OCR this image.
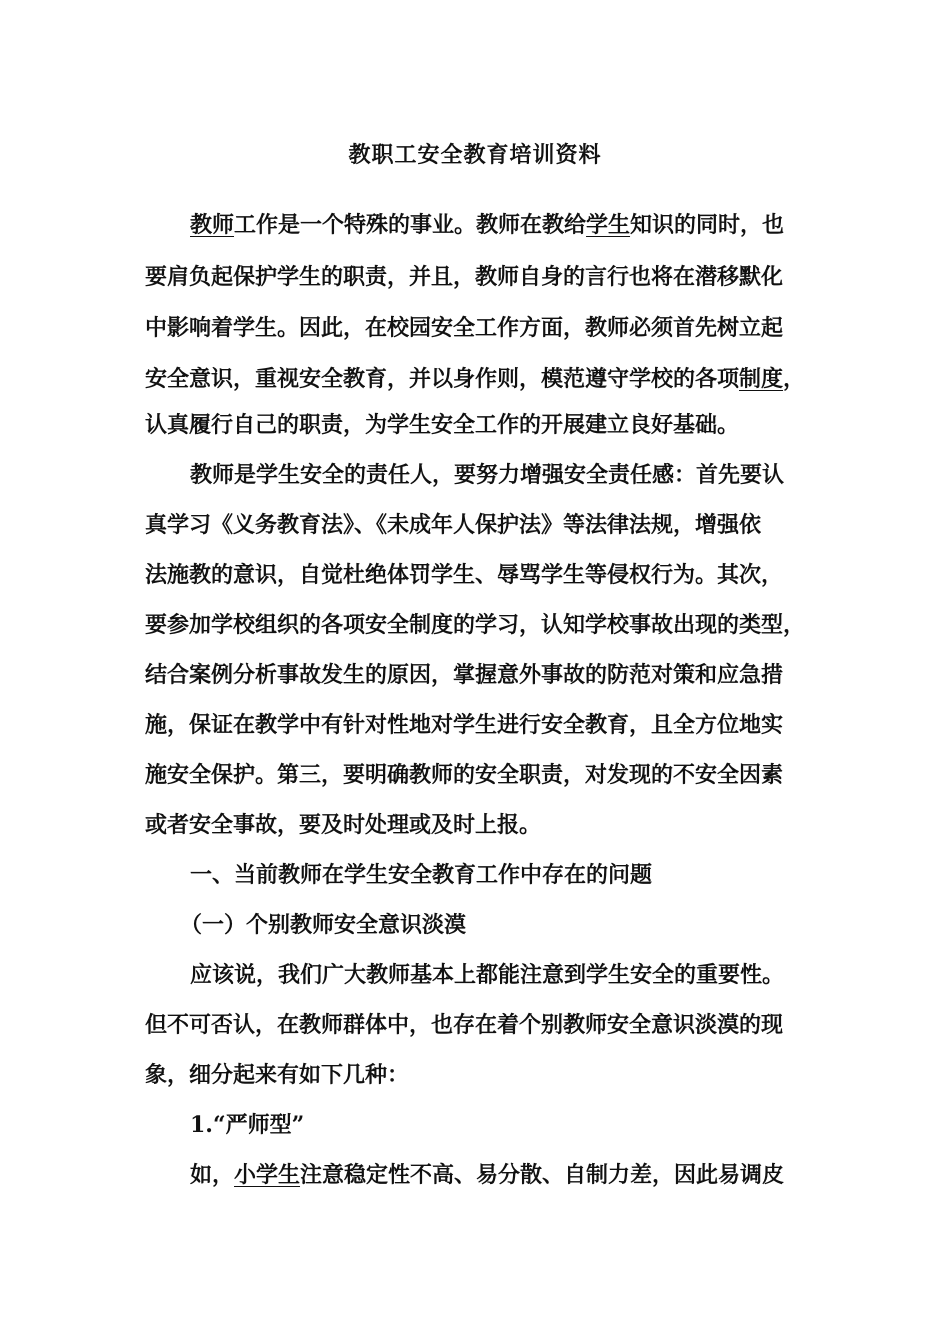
教职工安全教育培训资料
教师工作是一个特殊的事业。教师在教给学生知识的同时，也
要肩负起保护学生的职责，并且，教师自身的言行也将在潜移默化
中影响着学生。因此，在校园安全工作方面，教师必须首先树立起
安全意识，重视安全教育，并以身作则，模范遵守学校的各项制度，
认真履行自己的职责，为学生安全工作的开展建立良好基础。
教师是学生安全的责任人，要努力增强安全责任感：首先要认
真学习《义务教育法》、《未成年人保护法》等法律法规，增强依
法施教的意识，自觉杜绝体罚学生、辱骂学生等侵权行为。其次，
要参加学校组织的各项安全制度的学习，认知学校事故出现的类型，
结合案例分析事故发生的原因，掌握意外事故的防范对策和应急措
施，保证在教学中有针对性地对学生进行安全教育，且全方位地实
施安全保护。第三，要明确教师的安全职责，对发现的不安全因素
或者安全事故，要及时处理或及时上报。
一、当前教师在学生安全教育工作中存在的问题
（一）个别教师安全意识淡漠
应该说，我们广大教师基本上都能注意到学生安全的重要性。
但不可否认，在教师群体中，也存在着个别教师安全意识淡漠的现
象，细分起来有如下几种：
1.“严师型”
如，小学生注意稳定性不高、易分散、自制力差，因此易调皮
